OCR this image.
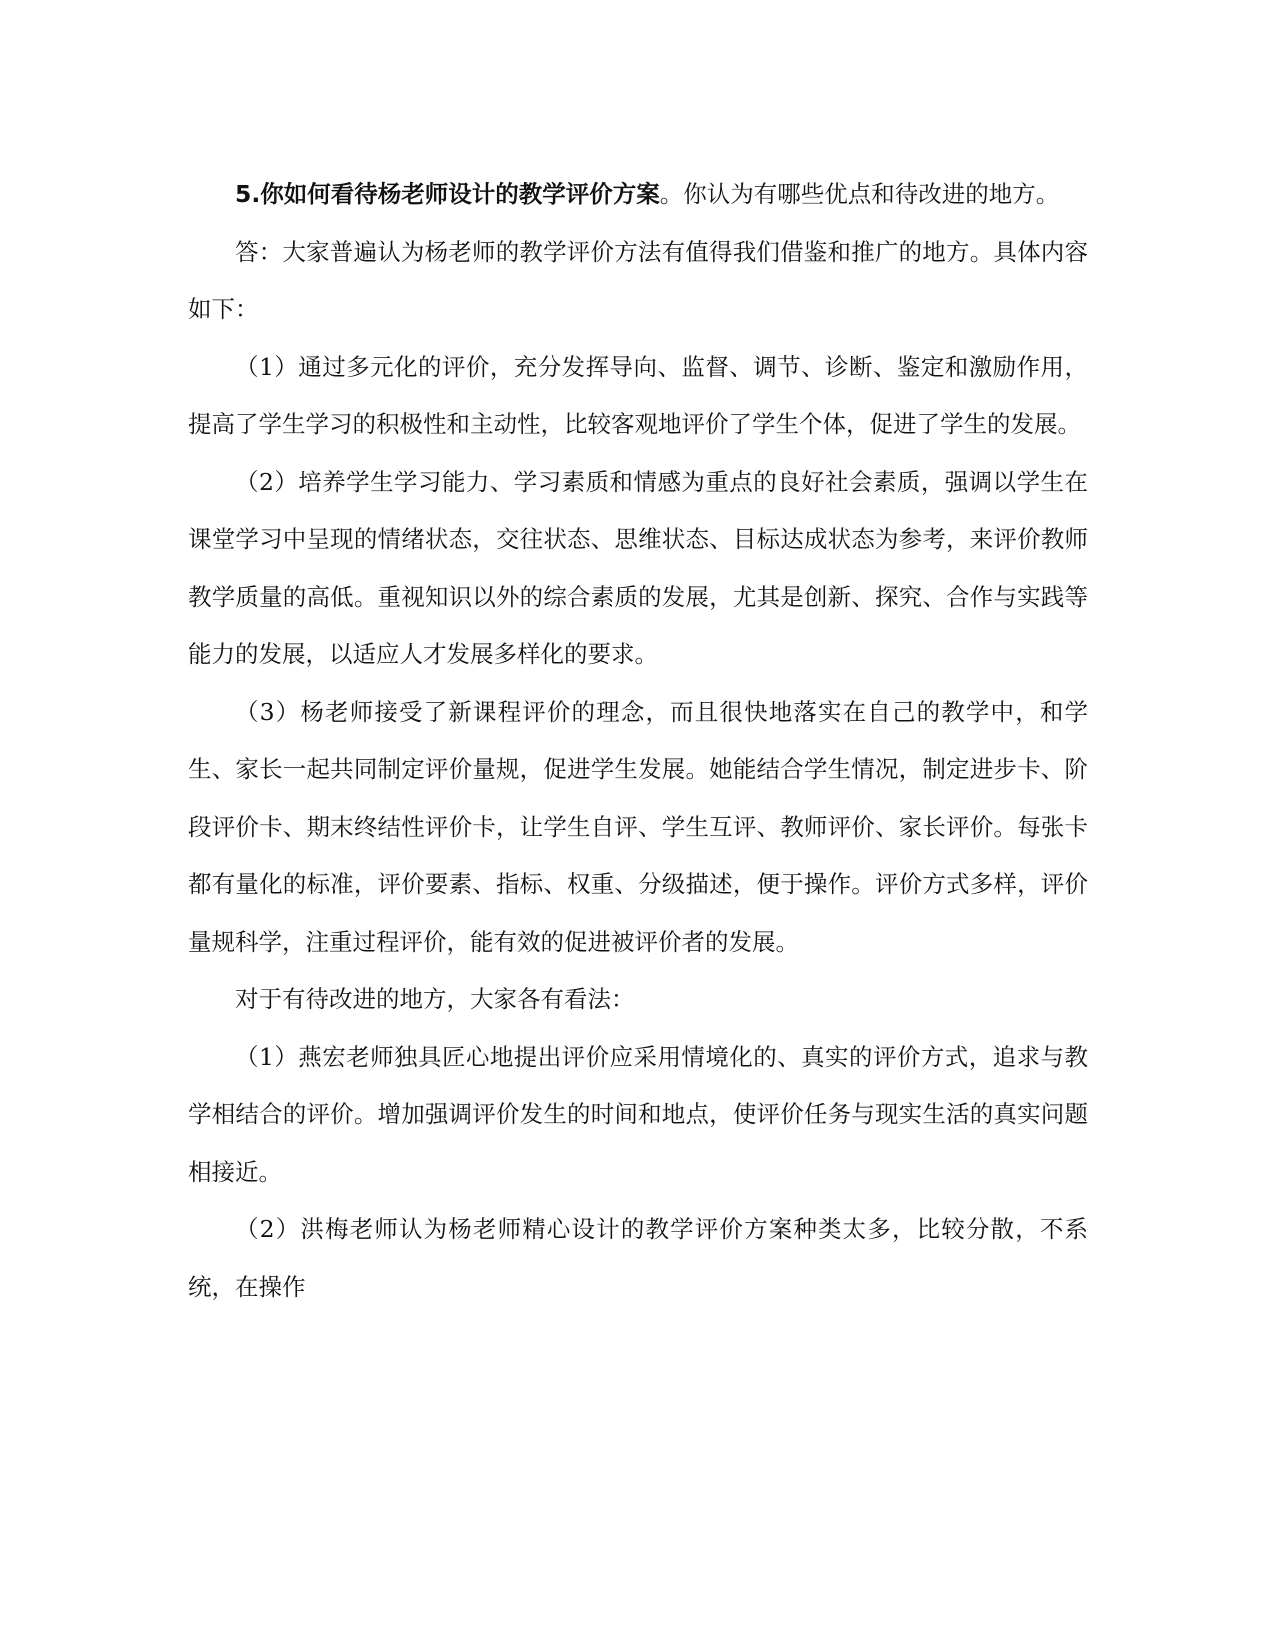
5.你如何看待杨老师设计的教学评价方案。你认为有哪些优点和待改进的地方。

答：大家普遍认为杨老师的教学评价方法有值得我们借鉴和推广的地方。具体内容如下：

（1）通过多元化的评价，充分发挥导向、监督、调节、诊断、鉴定和激励作用，提高了学生学习的积极性和主动性，比较客观地评价了学生个体，促进了学生的发展。

（2）培养学生学习能力、学习素质和情感为重点的良好社会素质，强调以学生在课堂学习中呈现的情绪状态，交往状态、思维状态、目标达成状态为参考，来评价教师教学质量的高低。重视知识以外的综合素质的发展，尤其是创新、探究、合作与实践等能力的发展，以适应人才发展多样化的要求。

（3）杨老师接受了新课程评价的理念，而且很快地落实在自己的教学中，和学生、家长一起共同制定评价量规，促进学生发展。她能结合学生情况，制定进步卡、阶段评价卡、期末终结性评价卡，让学生自评、学生互评、教师评价、家长评价。每张卡都有量化的标准，评价要素、指标、权重、分级描述，便于操作。评价方式多样，评价量规科学，注重过程评价，能有效的促进被评价者的发展。

对于有待改进的地方，大家各有看法：

（1）燕宏老师独具匠心地提出评价应采用情境化的、真实的评价方式，追求与教学相结合的评价。增加强调评价发生的时间和地点，使评价任务与现实生活的真实问题相接近。

（2）洪梅老师认为杨老师精心设计的教学评价方案种类太多，比较分散，不系统，在操作
